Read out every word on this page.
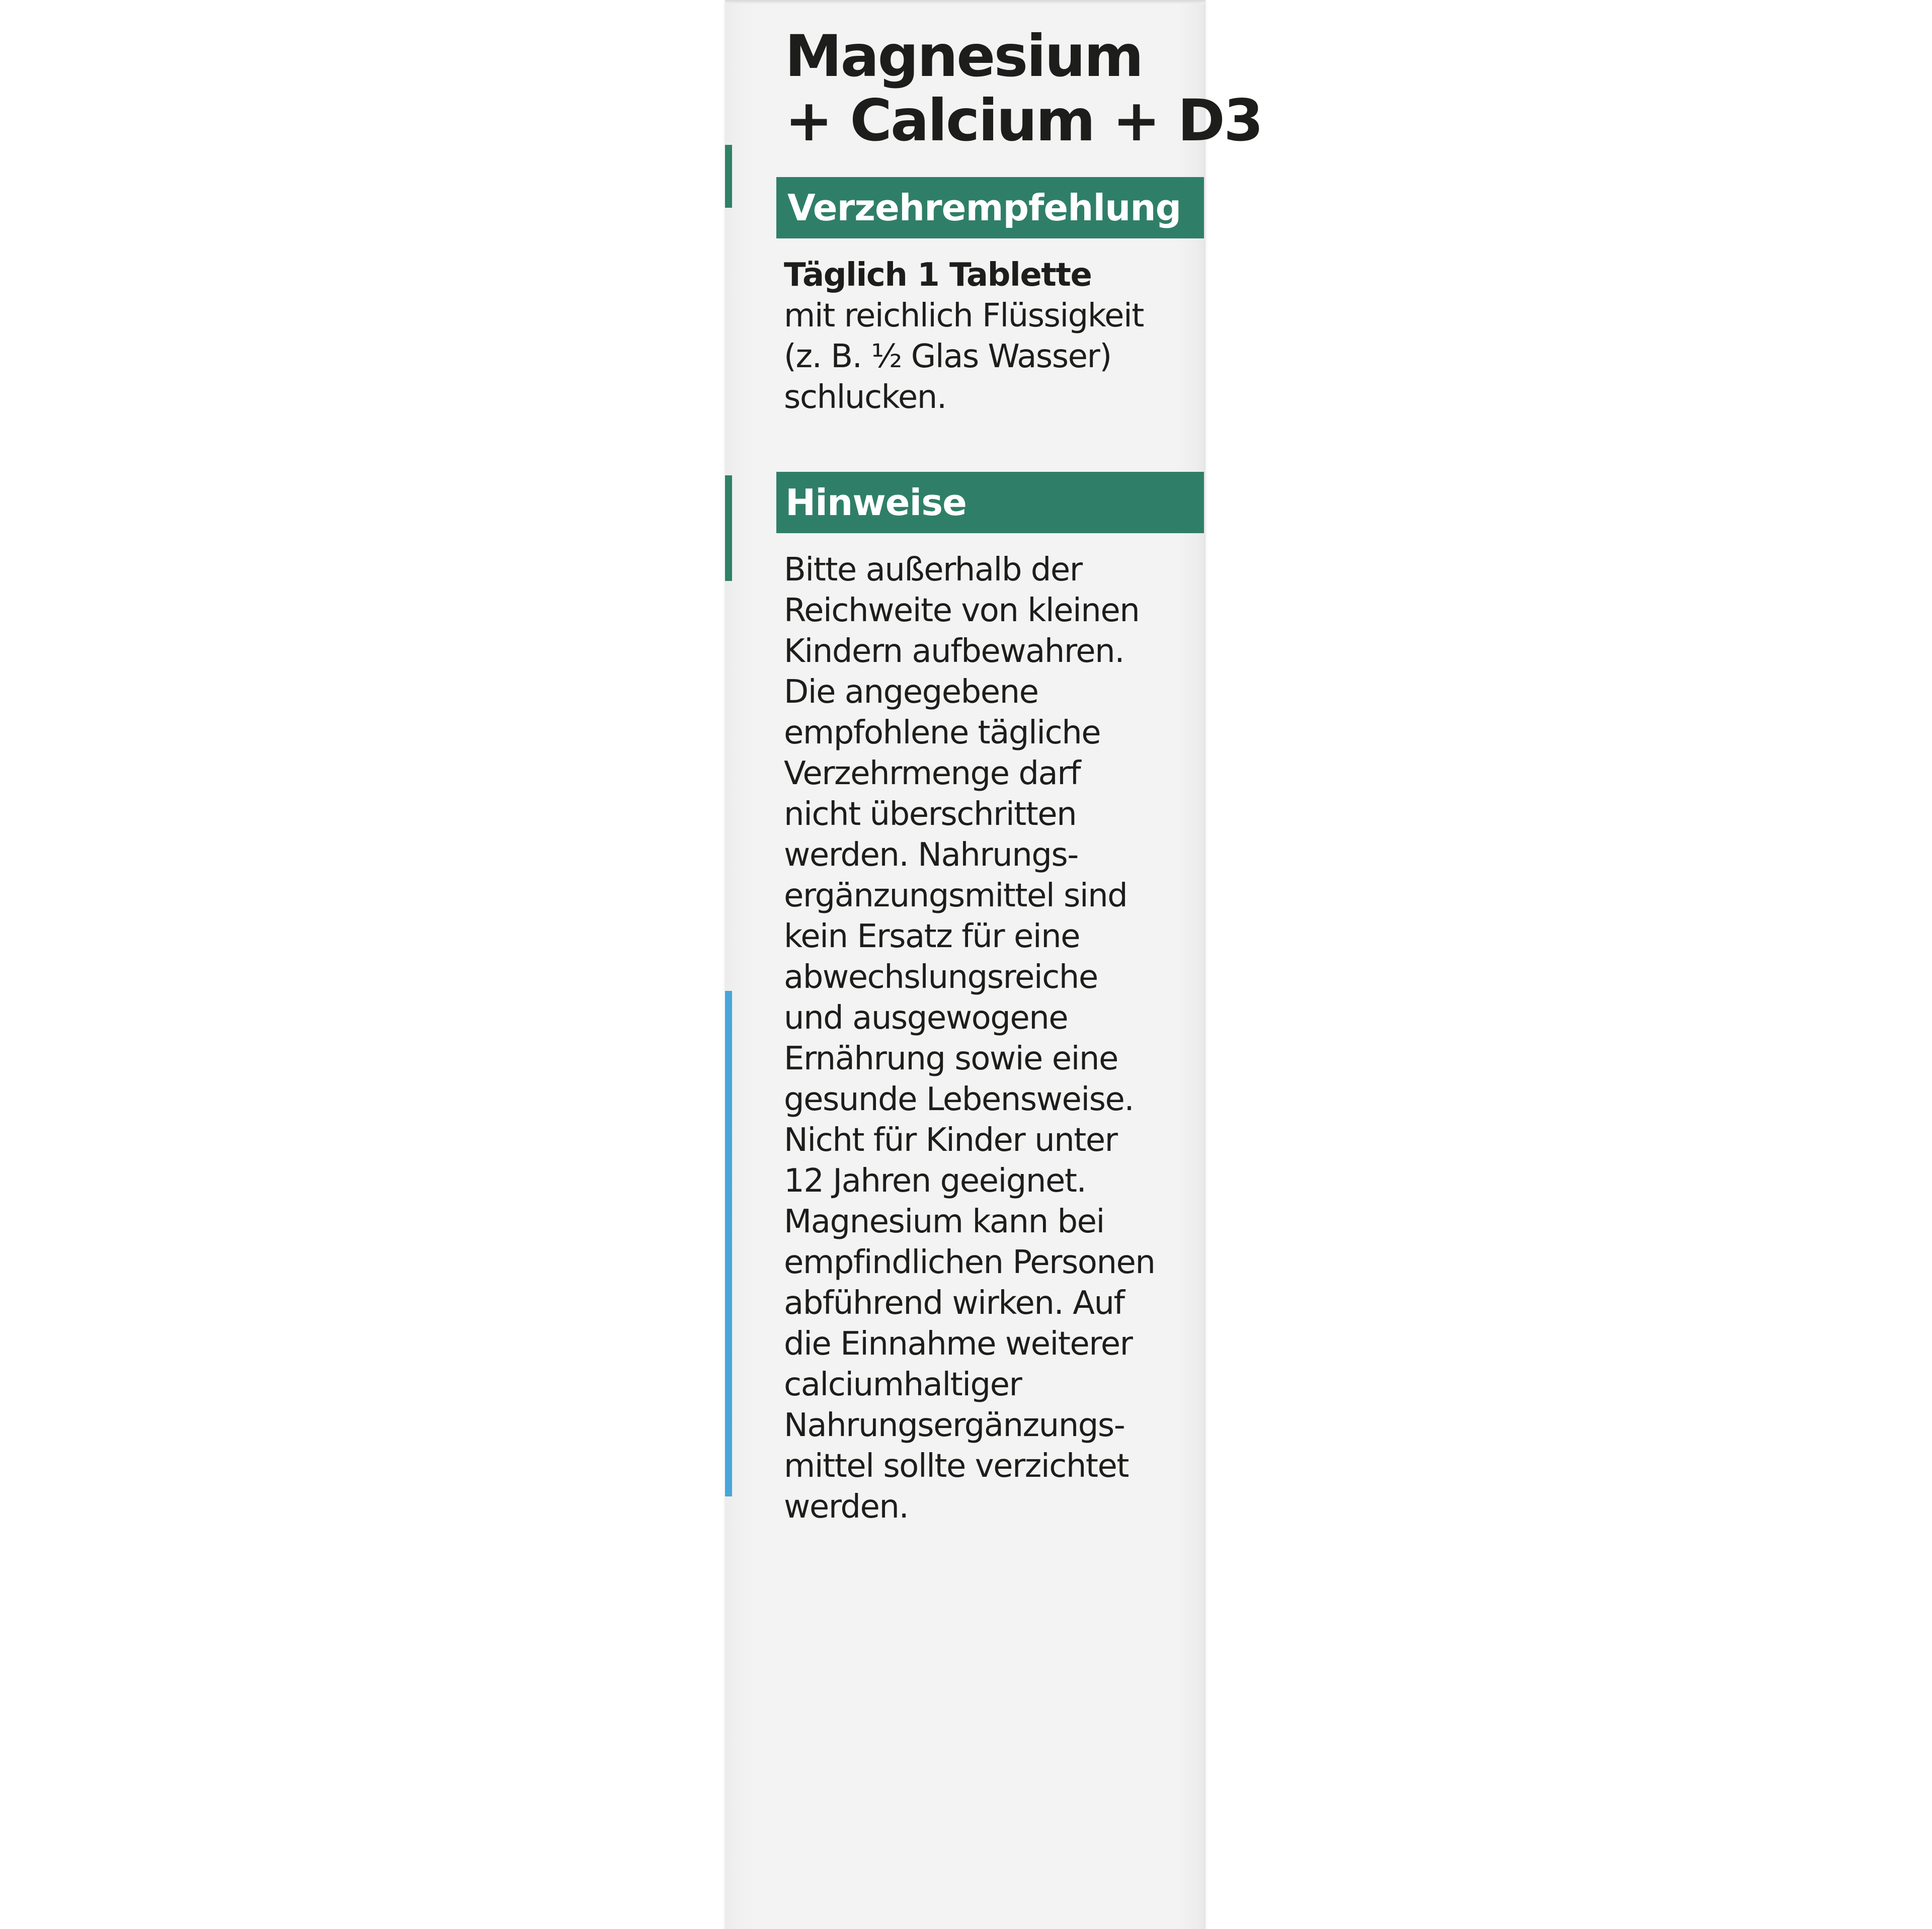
Magnesium
+ Calcium + D3
Verzehrempfehlung
Täglich 1 Tablette
mit reichlich Flüssigkeit
(z. B. ½ Glas Wasser)
schlucken.
Hinweise
Bitte außerhalb der
Reichweite von kleinen
Kindern aufbewahren.
Die angegebene
empfohlene tägliche
Verzehrmenge darf
nicht überschritten
werden. Nahrungs-
ergänzungsmittel sind
kein Ersatz für eine
abwechslungsreiche
und ausgewogene
Ernährung sowie eine
gesunde Lebensweise.
Nicht für Kinder unter
12 Jahren geeignet.
Magnesium kann bei
empfindlichen Personen
abführend wirken. Auf
die Einnahme weiterer
calciumhaltiger
Nahrungsergänzungs-
mittel sollte verzichtet
werden.
